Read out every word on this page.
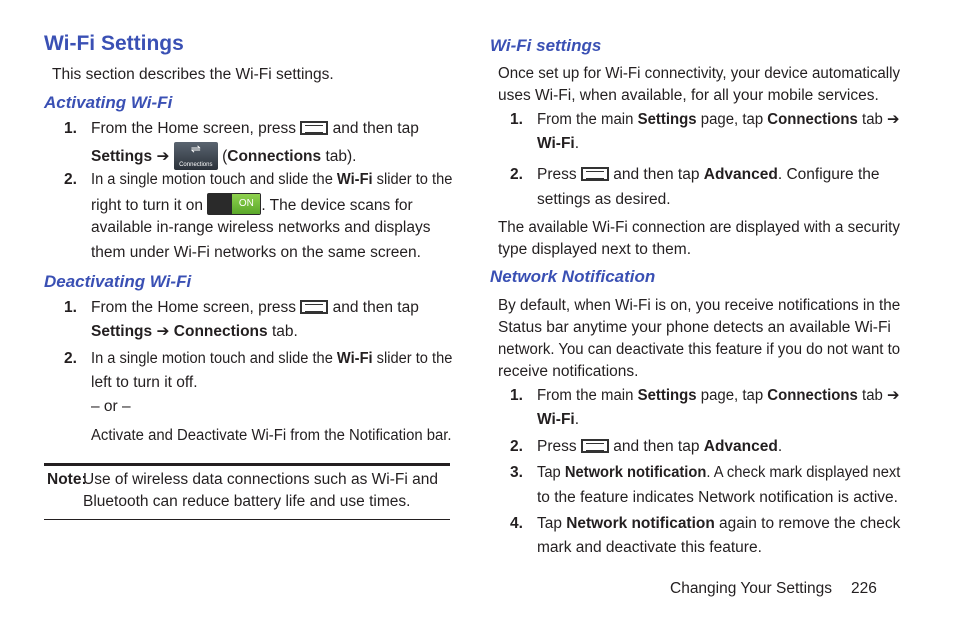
Wi-Fi Settings

This section describes the Wi-Fi settings.

Activating Wi-Fi
1. From the Home screen, press and then tap

Settings ➔	⇌
Connections (Connections tab).

2. In a single motion touch and slide the Wi-Fi slider to the

right to turn it on	ON . The device scans for

available in-range wireless networks and displays

them under Wi-Fi networks on the same screen.

Deactivating Wi-Fi
1. From the Home screen, press and then tap

Settings ➔ Connections tab.

2. In a single motion touch and slide the Wi-Fi slider to the

left to turn it off.

– or –

Activate and Deactivate Wi-Fi from the Notification bar.

Note:

Use of wireless data connections such as Wi-Fi and

Bluetooth can reduce battery life and use times.

Wi-Fi settings

Once set up for Wi-Fi connectivity, your device automatically

uses Wi-Fi, when available, for all your mobile services.

1. From the main Settings page, tap Connections tab ➔

Wi-Fi.

2. Press and then tap Advanced. Configure the

settings as desired.

The available Wi-Fi connection are displayed with a security

type displayed next to them.

Network Notification

By default, when Wi-Fi is on, you receive notifications in the

Status bar anytime your phone detects an available Wi-Fi

network. You can deactivate this feature if you do not want to

receive notifications.

1. From the main Settings page, tap Connections tab ➔

Wi-Fi.

2. Press and then tap Advanced.

3. Tap Network notification. A check mark displayed next

to the feature indicates Network notification is active.

4. Tap Network notification again to remove the check

mark and deactivate this feature.

Changing Your Settings 226
